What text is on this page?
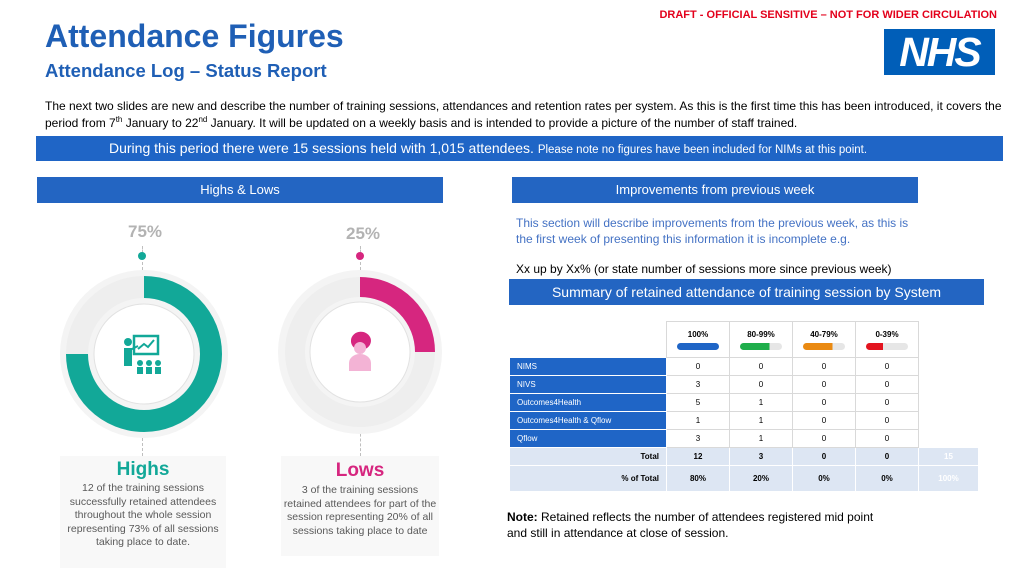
DRAFT - OFFICIAL SENSITIVE – NOT FOR WIDER CIRCULATION
Attendance Figures
Attendance Log – Status Report	NHS
The next two slides are new and describe the number of training sessions, attendances and retention rates per system. As this is the first time this has been introduced, it covers the period from 7th January to 22nd January. It will be updated on a weekly basis and is intended to provide a picture of the number of staff trained.
During this period there were 15 sessions held with 1,015 attendees. Please note no figures have been included for NIMs at this point.
Highs & Lows
75%	25%
Highs
12 of the training sessions successfully retained attendees throughout the whole session representing 73% of all sessions taking place to date.
Lows
3 of the training sessions retained attendees for part of the session representing 20% of all sessions taking place to date
Improvements from previous week
This section will describe improvements from the previous week, as this is the first week of presenting this information it is incomplete e.g.
Xx up by Xx% (or state number of sessions more since previous week)
Summary of retained attendance of training session by System
	100%	80-99%	40-79%	0-39%	

NIMS	0	0	0	0	
NIVS	3	0	0	0	
Outcomes4Health	5	1	0	0	
Outcomes4Health & Qflow	1	1	0	0	
Qflow	3	1	0	0	
Total	12	3	0	0	15
% of Total	80%	20%	0%	0%	100%
Note: Retained reflects the number of attendees registered mid point and still in attendance at close of session.
